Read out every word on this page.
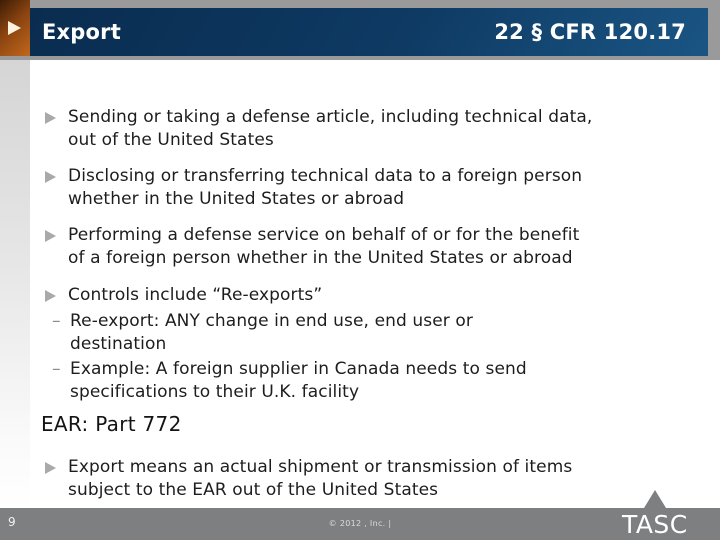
Export	22 § CFR 120.17
Sending or taking a defense article, including technical data,
out of the United States
Disclosing or transferring technical data to a foreign person
whether in the United States or abroad
Performing a defense service on behalf of or for the benefit
of a foreign person whether in the United States or abroad
Controls include “Re-exports”
– Re-export: ANY change in end use, end user or
destination
– Example: A foreign supplier in Canada needs to send
specifications to their U.K. facility
EAR: Part 772
Export means an actual shipment or transmission of items
subject to the EAR out of the United States
9	© 2012 , Inc. |	TASC
